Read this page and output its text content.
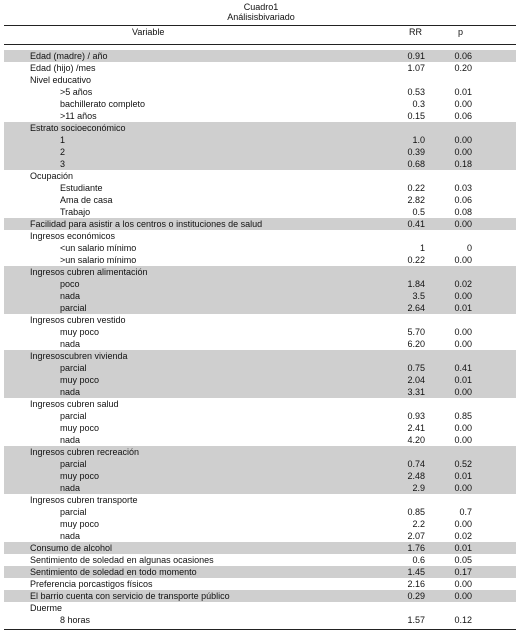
Cuadro1
Análisisbivariado
Variable	RR	p
Edad (madre) / año	0.91	0.06
Edad (hijo) /mes	1.07	0.20
Nivel educativo
>5 años	0.53	0.01
bachillerato completo	0.3	0.00
>11 años	0.15	0.06
Estrato socioeconómico
1	1.0	0.00
2	0.39	0.00
3	0.68	0.18
Ocupación
Estudiante	0.22	0.03
Ama de casa	2.82	0.06
Trabajo	0.5	0.08
Facilidad para asistir a los centros o instituciones de salud	0.41	0.00
Ingresos económicos
<un salario mínimo	1	0
>un salario mínimo	0.22	0.00
Ingresos cubren alimentación
poco	1.84	0.02
nada	3.5	0.00
parcial	2.64	0.01
Ingresos cubren vestido
muy poco	5.70	0.00
nada	6.20	0.00
Ingresoscubren vivienda
parcial	0.75	0.41
muy poco	2.04	0.01
nada	3.31	0.00
Ingresos cubren salud
parcial	0.93	0.85
muy poco	2.41	0.00
nada	4.20	0.00
Ingresos cubren recreación
parcial	0.74	0.52
muy poco	2.48	0.01
nada	2.9	0.00
Ingresos cubren transporte
parcial	0.85	0.7
muy poco	2.2	0.00
nada	2.07	0.02
Consumo de alcohol	1.76	0.01
Sentimiento de soledad en algunas ocasiones	0.6	0.05
Sentimiento de soledad en todo momento	1.45	0.17
Preferencia porcastigos físicos	2.16	0.00
El barrio cuenta con servicio de transporte público	0.29	0.00
Duerme
8 horas	1.57	0.12
